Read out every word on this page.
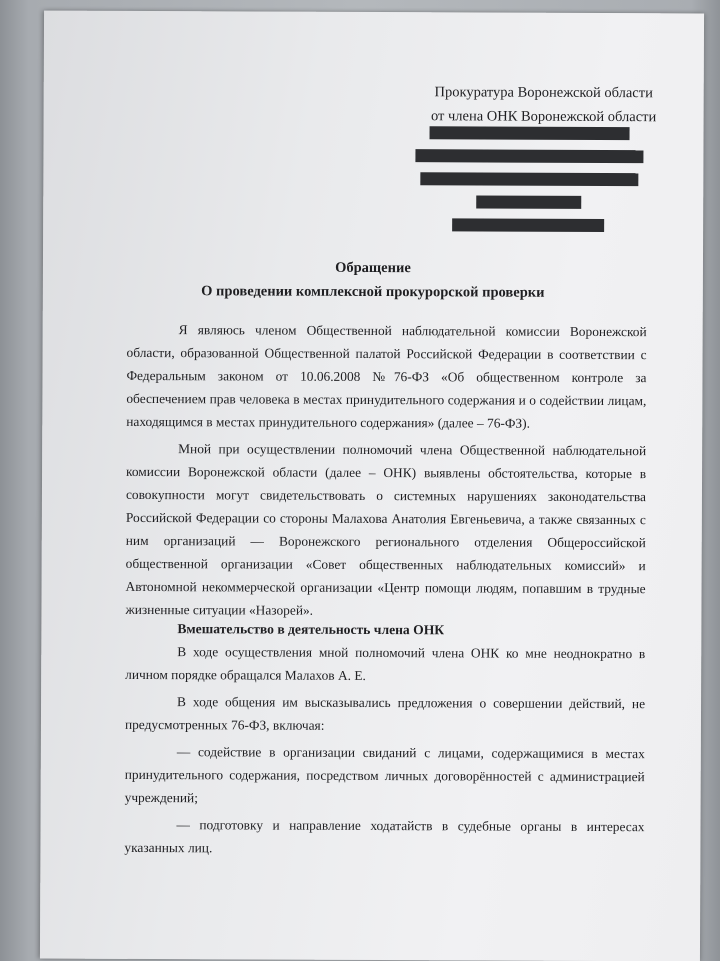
Прокуратура Воронежской области
от члена ОНК Воронежской области
Обращение
О проведении комплексной прокурорской проверки

Я являюсь членом Общественной наблюдательной комиссии Воронежской области, образованной Общественной палатой Российской Федерации в соответствии с Федеральным законом от 10.06.2008 №76-ФЗ «Об общественном контроле за обеспечением прав человека в местах принудительного содержания и о содействии лицам, находящимся в местах принудительного содержания» (далее – 76-ФЗ).

Мной при осуществлении полномочий члена Общественной наблюдательной комиссии Воронежской области (далее – ОНК) выявлены обстоятельства, которые в совокупности могут свидетельствовать о системных нарушениях законодательства Российской Федерации со стороны Малахова Анатолия Евгеньевича, а также связанных с ним организаций — Воронежского регионального отделения Общероссийской общественной организации «Совет общественных наблюдательных комиссий» и Автономной некоммерческой организации «Центр помощи людям, попавшим в трудные жизненные ситуации «Назорей».

Вмешательство в деятельность члена ОНК

В ходе осуществления мной полномочий члена ОНК ко мне неоднократно в личном порядке обращался Малахов А. Е.

В ходе общения им высказывались предложения о совершении действий, не предусмотренных 76-ФЗ, включая:

— содействие в организации свиданий с лицами, содержащимися в местах принудительного содержания, посредством личных договорённостей с администрацией учреждений;

— подготовку и направление ходатайств в судебные органы в интересах указанных лиц.
